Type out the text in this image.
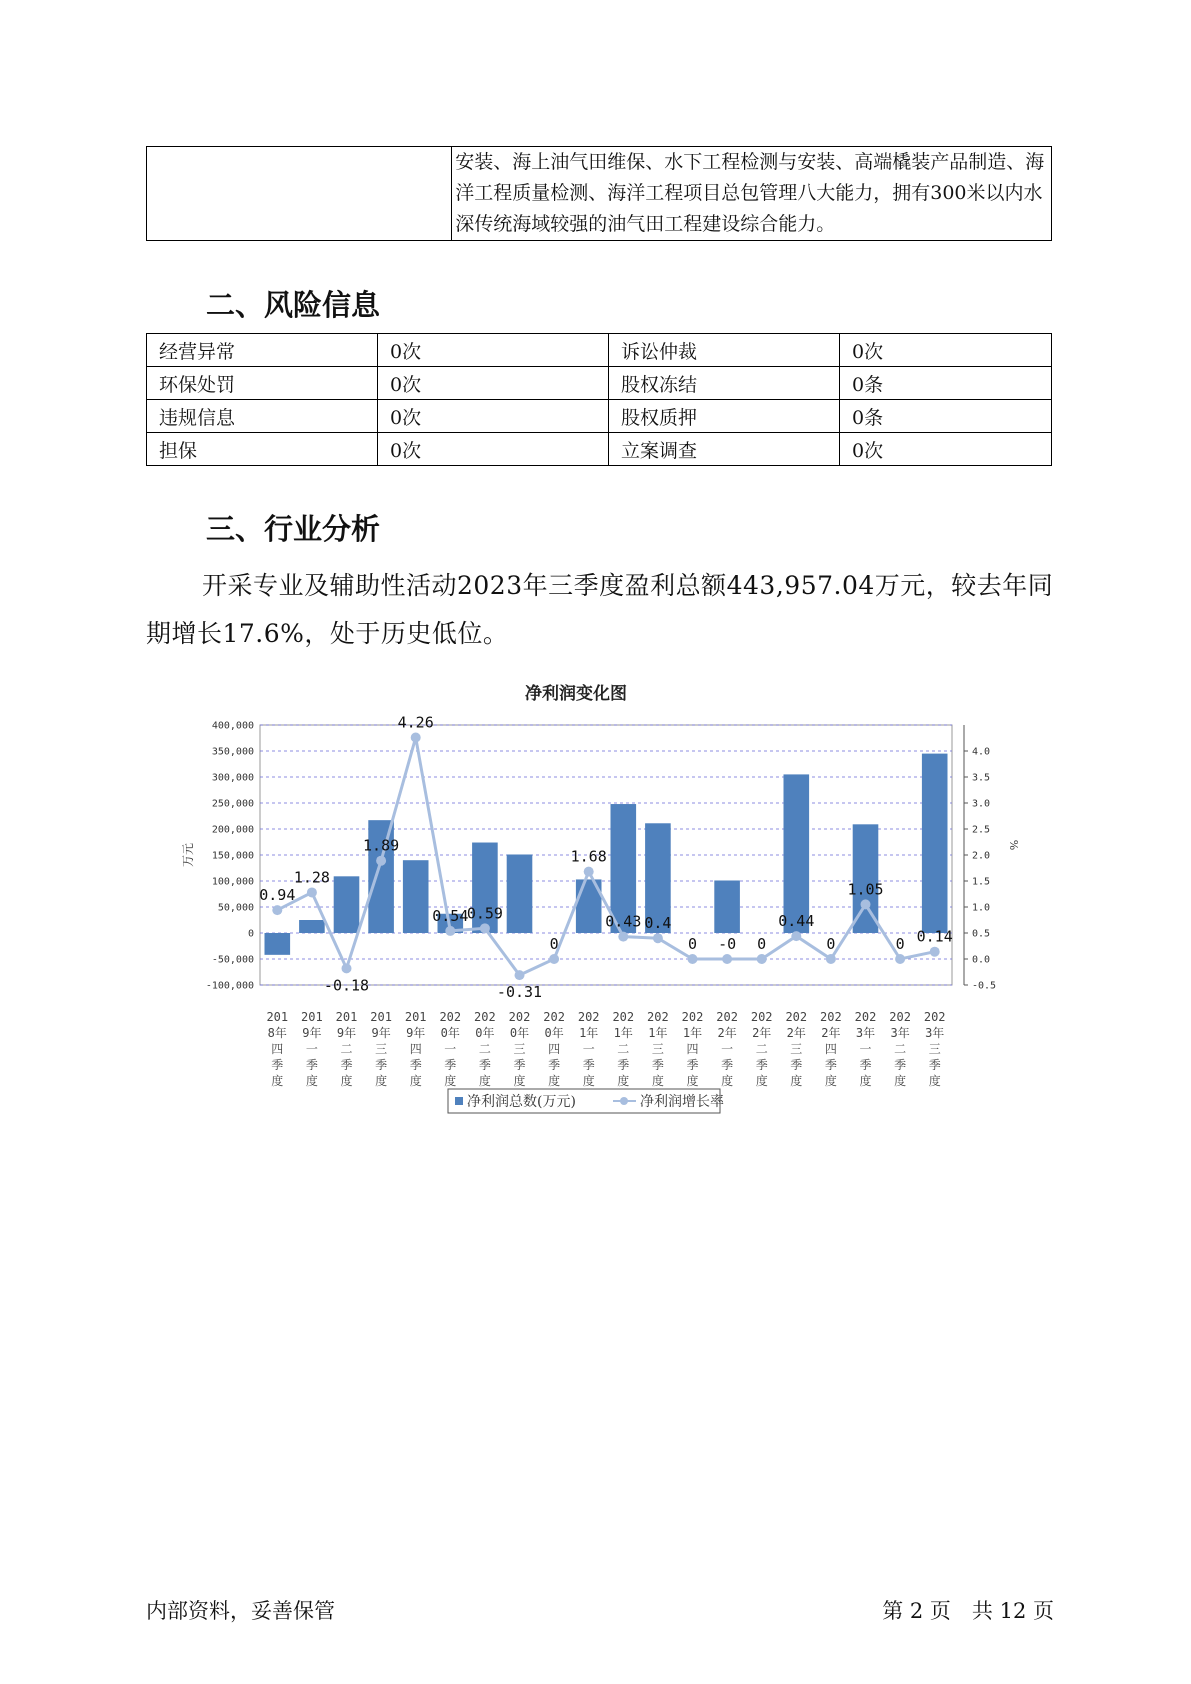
	安装、海上油气田维保、水下工程检测与安装、高端橇装产品制造、海洋工程质量检测、海洋工程项目总包管理八大能力，拥有300米以内水深传统海域较强的油气田工程建设综合能力。
二、风险信息
经营异常	0次	诉讼仲裁	0次
环保处罚	0次	股权冻结	0条
违规信息	0次	股权质押	0条
担保	0次	立案调查	0次
三、行业分析
开采专业及辅助性活动2023年三季度盈利总额443,957.04万元，较去年同期增长17.6%，处于历史低位。
净利润变化图
-100,000
-50,000
0
50,000
100,000
150,000
200,000
250,000
300,000
350,000
400,000
万元
-0.5
0.0
0.5
1.0
1.5
2.0
2.5
3.0
3.5
4.0
%
0.94
1.28
-0.18
1.89
4.26
0.54
0.59
-0.31
0
1.68
0.43 0.4
0 -0 0
0.44
0
1.05
0 0.14
201
8年
四
季
度
201
9年
一
季
度
201
9年
二
季
度
201
9年
三
季
度
201
9年
四
季
度
202
0年
一
季
度
202
0年
二
季
度
202
0年
三
季
度
202
0年
四
季
度
202
1年
一
季
度
202
1年
二
季
度
202
1年
三
季
度
202
1年
四
季
度
202
2年
一
季
度
202
2年
二
季
度
202
2年
三
季
度
202
2年
四
季
度
202
3年
一
季
度
202
3年
二
季
度
202
3年
三
季
度
净利润总数(万元)	净利润增长率
内部资料，妥善保管	第 2 页　共 12 页
